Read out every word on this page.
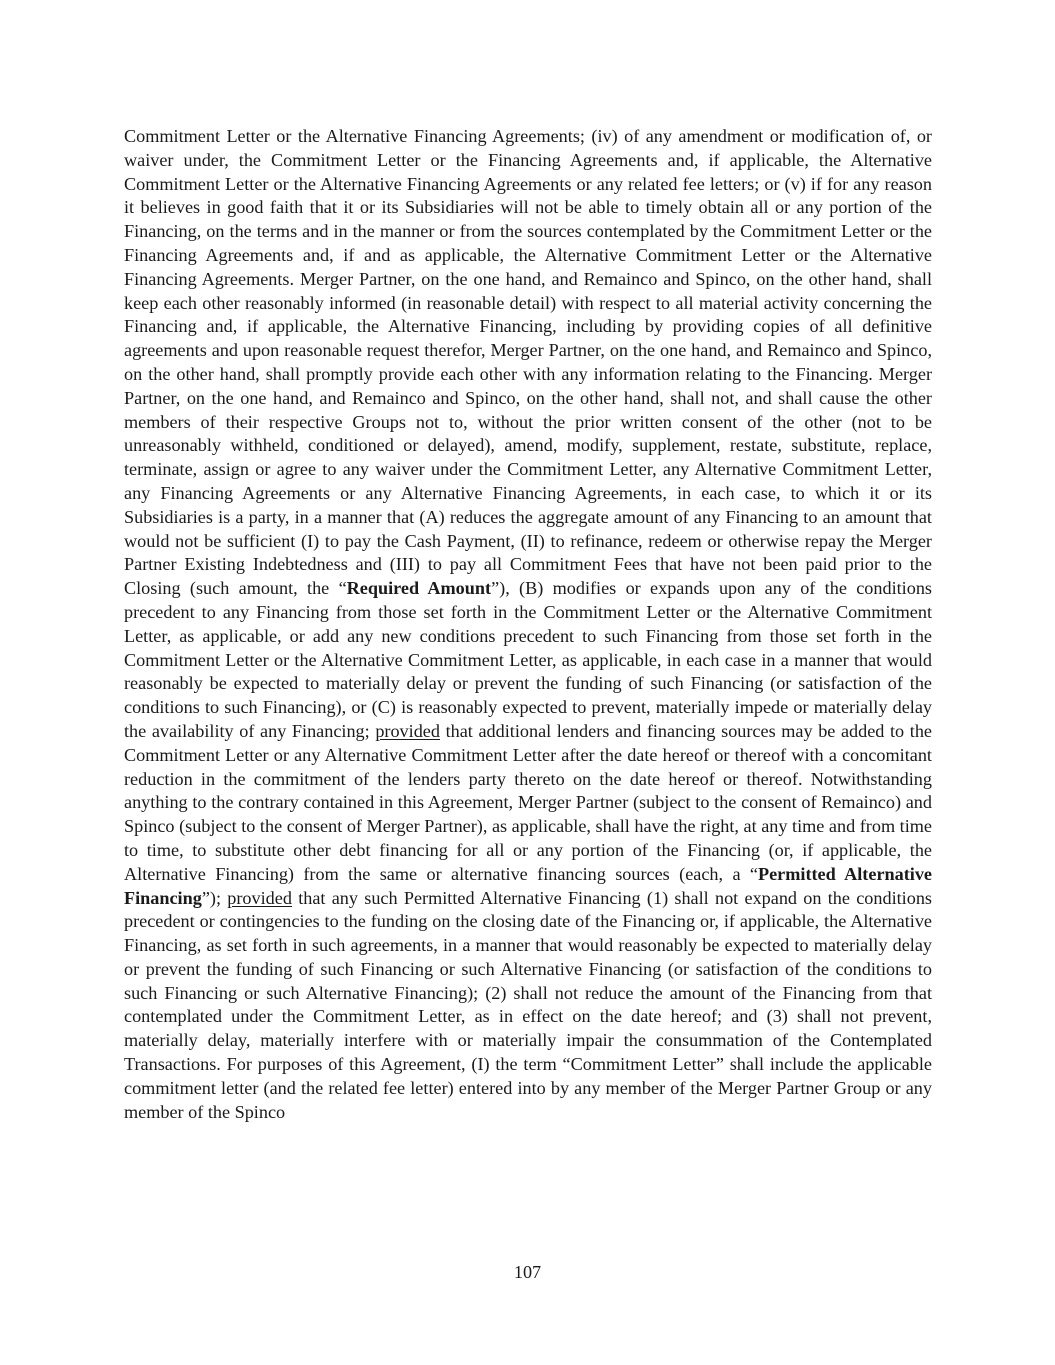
Commitment Letter or the Alternative Financing Agreements; (iv) of any amendment or modification of, or waiver under, the Commitment Letter or the Financing Agreements and, if applicable, the Alternative Commitment Letter or the Alternative Financing Agreements or any related fee letters; or (v) if for any reason it believes in good faith that it or its Subsidiaries will not be able to timely obtain all or any portion of the Financing, on the terms and in the manner or from the sources contemplated by the Commitment Letter or the Financing Agreements and, if and as applicable, the Alternative Commitment Letter or the Alternative Financing Agreements. Merger Partner, on the one hand, and Remainco and Spinco, on the other hand, shall keep each other reasonably informed (in reasonable detail) with respect to all material activity concerning the Financing and, if applicable, the Alternative Financing, including by providing copies of all definitive agreements and upon reasonable request therefor, Merger Partner, on the one hand, and Remainco and Spinco, on the other hand, shall promptly provide each other with any information relating to the Financing. Merger Partner, on the one hand, and Remainco and Spinco, on the other hand, shall not, and shall cause the other members of their respective Groups not to, without the prior written consent of the other (not to be unreasonably withheld, conditioned or delayed), amend, modify, supplement, restate, substitute, replace, terminate, assign or agree to any waiver under the Commitment Letter, any Alternative Commitment Letter, any Financing Agreements or any Alternative Financing Agreements, in each case, to which it or its Subsidiaries is a party, in a manner that (A) reduces the aggregate amount of any Financing to an amount that would not be sufficient (I) to pay the Cash Payment, (II) to refinance, redeem or otherwise repay the Merger Partner Existing Indebtedness and (III) to pay all Commitment Fees that have not been paid prior to the Closing (such amount, the “Required Amount”), (B) modifies or expands upon any of the conditions precedent to any Financing from those set forth in the Commitment Letter or the Alternative Commitment Letter, as applicable, or add any new conditions precedent to such Financing from those set forth in the Commitment Letter or the Alternative Commitment Letter, as applicable, in each case in a manner that would reasonably be expected to materially delay or prevent the funding of such Financing (or satisfaction of the conditions to such Financing), or (C) is reasonably expected to prevent, materially impede or materially delay the availability of any Financing; provided that additional lenders and financing sources may be added to the Commitment Letter or any Alternative Commitment Letter after the date hereof or thereof with a concomitant reduction in the commitment of the lenders party thereto on the date hereof or thereof. Notwithstanding anything to the contrary contained in this Agreement, Merger Partner (subject to the consent of Remainco) and Spinco (subject to the consent of Merger Partner), as applicable, shall have the right, at any time and from time to time, to substitute other debt financing for all or any portion of the Financing (or, if applicable, the Alternative Financing) from the same or alternative financing sources (each, a “Permitted Alternative Financing”); provided that any such Permitted Alternative Financing (1) shall not expand on the conditions precedent or contingencies to the funding on the closing date of the Financing or, if applicable, the Alternative Financing, as set forth in such agreements, in a manner that would reasonably be expected to materially delay or prevent the funding of such Financing or such Alternative Financing (or satisfaction of the conditions to such Financing or such Alternative Financing); (2) shall not reduce the amount of the Financing from that contemplated under the Commitment Letter, as in effect on the date hereof; and (3) shall not prevent, materially delay, materially interfere with or materially impair the consummation of the Contemplated Transactions. For purposes of this Agreement, (I) the term “Commitment Letter” shall include the applicable commitment letter (and the related fee letter) entered into by any member of the Merger Partner Group or any member of the Spinco

107
